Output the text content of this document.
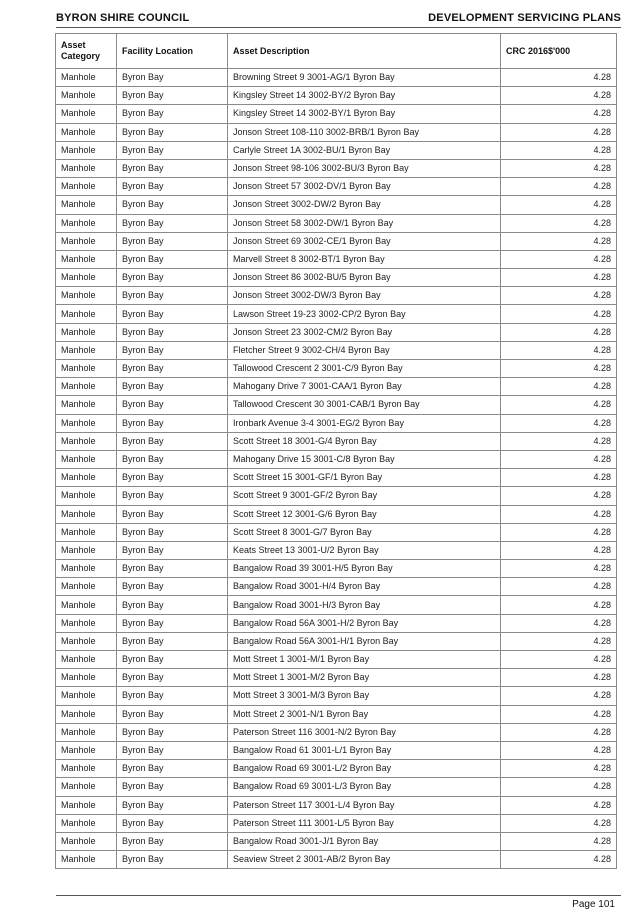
BYRON SHIRE COUNCIL	DEVELOPMENT SERVICING PLANS
Asset Category	Facility Location	Asset Description	CRC 2016$'000
Manhole	Byron Bay	Browning Street 9 3001-AG/1 Byron Bay	4.28
Manhole	Byron Bay	Kingsley Street 14 3002-BY/2 Byron Bay	4.28
Manhole	Byron Bay	Kingsley Street 14 3002-BY/1 Byron Bay	4.28
Manhole	Byron Bay	Jonson Street 108-110 3002-BRB/1 Byron Bay	4.28
Manhole	Byron Bay	Carlyle Street 1A 3002-BU/1 Byron Bay	4.28
Manhole	Byron Bay	Jonson Street 98-106 3002-BU/3 Byron Bay	4.28
Manhole	Byron Bay	Jonson Street 57 3002-DV/1 Byron Bay	4.28
Manhole	Byron Bay	Jonson Street 3002-DW/2 Byron Bay	4.28
Manhole	Byron Bay	Jonson Street 58 3002-DW/1 Byron Bay	4.28
Manhole	Byron Bay	Jonson Street 69 3002-CE/1 Byron Bay	4.28
Manhole	Byron Bay	Marvell Street 8 3002-BT/1 Byron Bay	4.28
Manhole	Byron Bay	Jonson Street 86 3002-BU/5 Byron Bay	4.28
Manhole	Byron Bay	Jonson Street 3002-DW/3 Byron Bay	4.28
Manhole	Byron Bay	Lawson Street 19-23 3002-CP/2 Byron Bay	4.28
Manhole	Byron Bay	Jonson Street 23 3002-CM/2 Byron Bay	4.28
Manhole	Byron Bay	Fletcher Street 9 3002-CH/4 Byron Bay	4.28
Manhole	Byron Bay	Tallowood Crescent 2 3001-C/9 Byron Bay	4.28
Manhole	Byron Bay	Mahogany Drive 7 3001-CAA/1 Byron Bay	4.28
Manhole	Byron Bay	Tallowood Crescent 30 3001-CAB/1 Byron Bay	4.28
Manhole	Byron Bay	Ironbark Avenue 3-4 3001-EG/2 Byron Bay	4.28
Manhole	Byron Bay	Scott Street 18 3001-G/4 Byron Bay	4.28
Manhole	Byron Bay	Mahogany Drive 15 3001-C/8 Byron Bay	4.28
Manhole	Byron Bay	Scott Street 15 3001-GF/1 Byron Bay	4.28
Manhole	Byron Bay	Scott Street 9 3001-GF/2 Byron Bay	4.28
Manhole	Byron Bay	Scott Street 12 3001-G/6 Byron Bay	4.28
Manhole	Byron Bay	Scott Street 8 3001-G/7 Byron Bay	4.28
Manhole	Byron Bay	Keats Street 13 3001-U/2 Byron Bay	4.28
Manhole	Byron Bay	Bangalow Road 39 3001-H/5 Byron Bay	4.28
Manhole	Byron Bay	Bangalow Road 3001-H/4 Byron Bay	4.28
Manhole	Byron Bay	Bangalow Road 3001-H/3 Byron Bay	4.28
Manhole	Byron Bay	Bangalow Road 56A 3001-H/2 Byron Bay	4.28
Manhole	Byron Bay	Bangalow Road 56A 3001-H/1 Byron Bay	4.28
Manhole	Byron Bay	Mott Street 1 3001-M/1 Byron Bay	4.28
Manhole	Byron Bay	Mott Street 1 3001-M/2 Byron Bay	4.28
Manhole	Byron Bay	Mott Street 3 3001-M/3 Byron Bay	4.28
Manhole	Byron Bay	Mott Street 2 3001-N/1 Byron Bay	4.28
Manhole	Byron Bay	Paterson Street 116 3001-N/2 Byron Bay	4.28
Manhole	Byron Bay	Bangalow Road 61 3001-L/1 Byron Bay	4.28
Manhole	Byron Bay	Bangalow Road 69 3001-L/2 Byron Bay	4.28
Manhole	Byron Bay	Bangalow Road 69 3001-L/3 Byron Bay	4.28
Manhole	Byron Bay	Paterson Street 117 3001-L/4 Byron Bay	4.28
Manhole	Byron Bay	Paterson Street 111 3001-L/5 Byron Bay	4.28
Manhole	Byron Bay	Bangalow Road 3001-J/1 Byron Bay	4.28
Manhole	Byron Bay	Seaview Street 2 3001-AB/2 Byron Bay	4.28
Page 101
